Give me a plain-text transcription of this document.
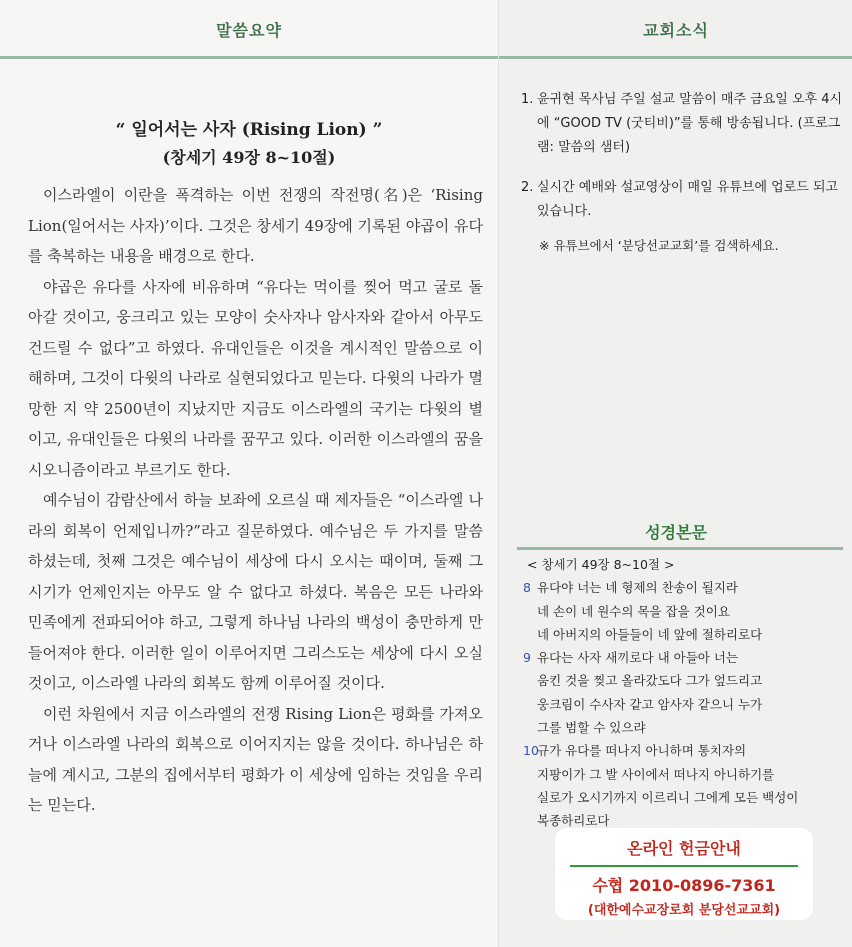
말씀요약
“ 일어서는 사자 (Rising Lion) ”
(창세기 49장 8~10절)

이스라엘이 이란을 폭격하는 이번 전쟁의 작전명(名)은 ‘Rising Lion(일어서는 사자)’이다. 그것은 창세기 49장에 기록된 야곱이 유다를 축복하는 내용을 배경으로 한다.

야곱은 유다를 사자에 비유하며 “유다는 먹이를 찢어 먹고 굴로 돌아갈 것이고, 웅크리고 있는 모양이 숫사자나 암사자와 같아서 아무도 건드릴 수 없다”고 하였다. 유대인들은 이것을 계시적인 말씀으로 이해하며, 그것이 다윗의 나라로 실현되었다고 믿는다. 다윗의 나라가 멸망한 지 약 2500년이 지났지만 지금도 이스라엘의 국기는 다윗의 별이고, 유대인들은 다윗의 나라를 꿈꾸고 있다. 이러한 이스라엘의 꿈을 시오니즘이라고 부르기도 한다.

예수님이 감람산에서 하늘 보좌에 오르실 때 제자들은 “이스라엘 나라의 회복이 언제입니까?”라고 질문하였다. 예수님은 두 가지를 말씀하셨는데, 첫째 그것은 예수님이 세상에 다시 오시는 때이며, 둘째 그 시기가 언제인지는 아무도 알 수 없다고 하셨다. 복음은 모든 나라와 민족에게 전파되어야 하고, 그렇게 하나님 나라의 백성이 충만하게 만들어져야 한다. 이러한 일이 이루어지면 그리스도는 세상에 다시 오실 것이고, 이스라엘 나라의 회복도 함께 이루어질 것이다.

이런 차원에서 지금 이스라엘의 전쟁 Rising Lion은 평화를 가져오거나 이스라엘 나라의 회복으로 이어지지는 않을 것이다. 하나님은 하늘에 계시고, 그분의 집에서부터 평화가 이 세상에 임하는 것임을 우리는 믿는다.

교회소식
1. 윤귀현 목사님 주일 설교 말씀이 매주 금요일 오후 4시에 “GOOD TV (굿티비)”를 통해 방송됩니다. (프로그램: 말씀의 샘터)
2. 실시간 예배와 설교영상이 매일 유튜브에 업로드 되고 있습니다.
※ 유튜브에서 ‘분당선교교회’를 검색하세요.
성경본문
< 창세기 49장 8~10절 >
8 유다야 너는 네 형제의 찬송이 될지라
네 손이 네 원수의 목을 잡을 것이요
네 아버지의 아들들이 네 앞에 절하리로다
9 유다는 사자 새끼로다 내 아들아 너는
움킨 것을 찢고 올라갔도다 그가 엎드리고
웅크림이 수사자 같고 암사자 같으니 누가
그를 범할 수 있으랴
10
규가 유다를 떠나지 아니하며 통치자의
지팡이가 그 발 사이에서 떠나지 아니하기를
실로가 오시기까지 이르리니 그에게 모든 백성이
복종하리로다
온라인 헌금안내
수협 2010-0896-7361
(대한예수교장로회 분당선교교회)
